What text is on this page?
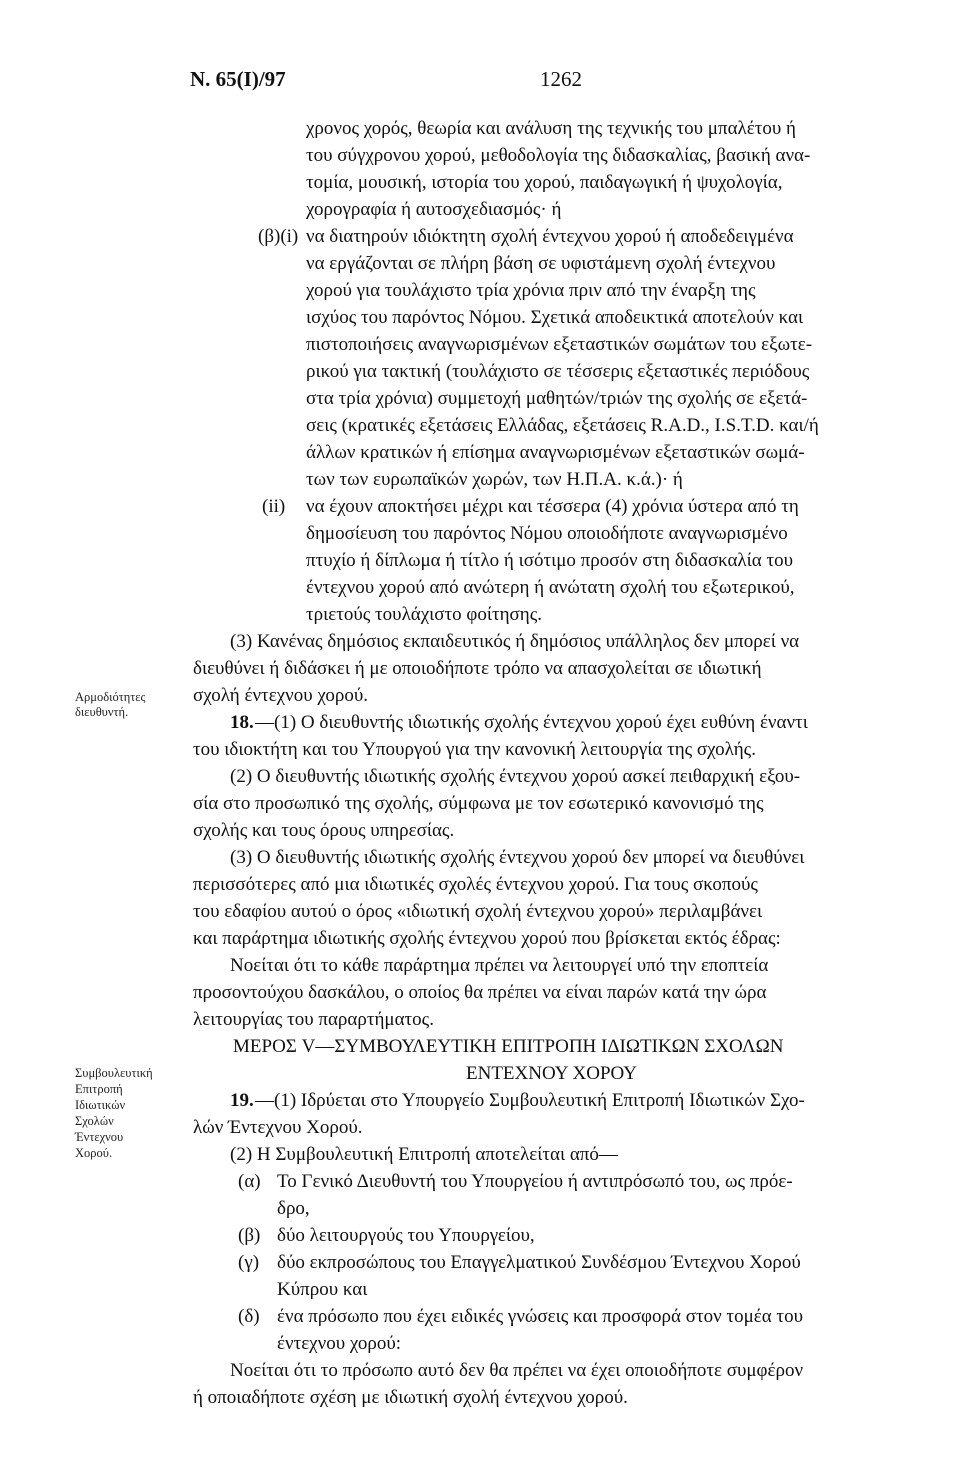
N. 65(I)/97	1262
Αρμοδιότητες
διευθυντή.
Συμβουλευτική
Επιτροπή
Ιδιωτικών
Σχολών
Έντεχνου
Χορού.
χρονος χορός, θεωρία και ανάλυση της τεχνικής του μπαλέτου ή
του σύγχρονου χορού, μεθοδολογία της διδασκαλίας, βασική ανα-
τομία, μουσική, ιστορία του χορού, παιδαγωγική ή ψυχολογία,
χορογραφία ή αυτοσχεδιασμός· ή
(β)(i) να διατηρούν ιδιόκτητη σχολή έντεχνου χορού ή αποδεδειγμένα
να εργάζονται σε πλήρη βάση σε υφιστάμενη σχολή έντεχνου
χορού για τουλάχιστο τρία χρόνια πριν από την έναρξη της
ισχύος του παρόντος Νόμου. Σχετικά αποδεικτικά αποτελούν και
πιστοποιήσεις αναγνωρισμένων εξεταστικών σωμάτων του εξωτε-
ρικού για τακτική (τουλάχιστο σε τέσσερις εξεταστικές περιόδους
στα τρία χρόνια) συμμετοχή μαθητών/τριών της σχολής σε εξετά-
σεις (κρατικές εξετάσεις Ελλάδας, εξετάσεις R.A.D., I.S.T.D. και/ή
άλλων κρατικών ή επίσημα αναγνωρισμένων εξεταστικών σωμά-
των των ευρωπαϊκών χωρών, των Η.Π.Α. κ.ά.)· ή
(ii) να έχουν αποκτήσει μέχρι και τέσσερα (4) χρόνια ύστερα από τη
δημοσίευση του παρόντος Νόμου οποιοδήποτε αναγνωρισμένο
πτυχίο ή δίπλωμα ή τίτλο ή ισότιμο προσόν στη διδασκαλία του
έντεχνου χορού από ανώτερη ή ανώτατη σχολή του εξωτερικού,
τριετούς τουλάχιστο φοίτησης.
(3) Κανένας δημόσιος εκπαιδευτικός ή δημόσιος υπάλληλος δεν μπορεί να
διευθύνει ή διδάσκει ή με οποιοδήποτε τρόπο να απασχολείται σε ιδιωτική
σχολή έντεχνου χορού.
18. —(1) Ο διευθυντής ιδιωτικής σχολής έντεχνου χορού έχει ευθύνη έναντι
του ιδιοκτήτη και του Υπουργού για την κανονική λειτουργία της σχολής.
(2) Ο διευθυντής ιδιωτικής σχολής έντεχνου χορού ασκεί πειθαρχική εξου-
σία στο προσωπικό της σχολής, σύμφωνα με τον εσωτερικό κανονισμό της
σχολής και τους όρους υπηρεσίας.
(3) Ο διευθυντής ιδιωτικής σχολής έντεχνου χορού δεν μπορεί να διευθύνει
περισσότερες από μια ιδιωτικές σχολές έντεχνου χορού. Για τους σκοπούς
του εδαφίου αυτού ο όρος «ιδιωτική σχολή έντεχνου χορού» περιλαμβάνει
και παράρτημα ιδιωτικής σχολής έντεχνου χορού που βρίσκεται εκτός έδρας:
Νοείται ότι το κάθε παράρτημα πρέπει να λειτουργεί υπό την εποπτεία
προσοντούχου δασκάλου, ο οποίος θα πρέπει να είναι παρών κατά την ώρα
λειτουργίας του παραρτήματος.
ΜΕΡΟΣ V—ΣΥΜΒΟΥΛΕΥΤΙΚΗ ΕΠΙΤΡΟΠΗ ΙΔΙΩΤΙΚΩΝ ΣΧΟΛΩΝ
ΕΝΤΕΧΝΟΥ ΧΟΡΟΥ
19. —(1) Ιδρύεται στο Υπουργείο Συμβουλευτική Επιτροπή Ιδιωτικών Σχο-
λών Έντεχνου Χορού.
(2) Η Συμβουλευτική Επιτροπή αποτελείται από—
(α) Το Γενικό Διευθυντή του Υπουργείου ή αντιπρόσωπό του, ως πρόε-
δρο,
(β) δύο λειτουργούς του Υπουργείου,
(γ) δύο εκπροσώπους του Επαγγελματικού Συνδέσμου Έντεχνου Χορού
Κύπρου και
(δ) ένα πρόσωπο που έχει ειδικές γνώσεις και προσφορά στον τομέα του
έντεχνου χορού:
Νοείται ότι το πρόσωπο αυτό δεν θα πρέπει να έχει οποιοδήποτε συμφέρον
ή οποιαδήποτε σχέση με ιδιωτική σχολή έντεχνου χορού.
